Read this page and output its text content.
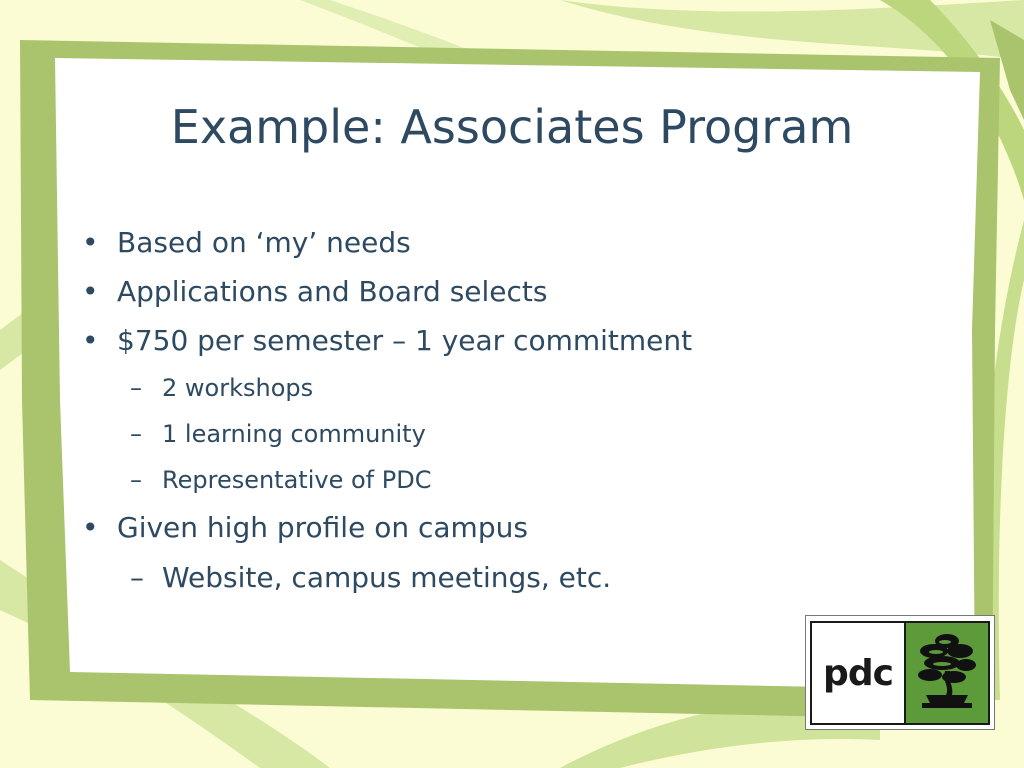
Example: Associates Program
• Based on ‘my’ needs
• Applications and Board selects
• $750 per semester – 1 year commitment
– 2 workshops
– 1 learning community
– Representative of PDC
• Given high profile on campus
– Website, campus meetings, etc.
pdc
